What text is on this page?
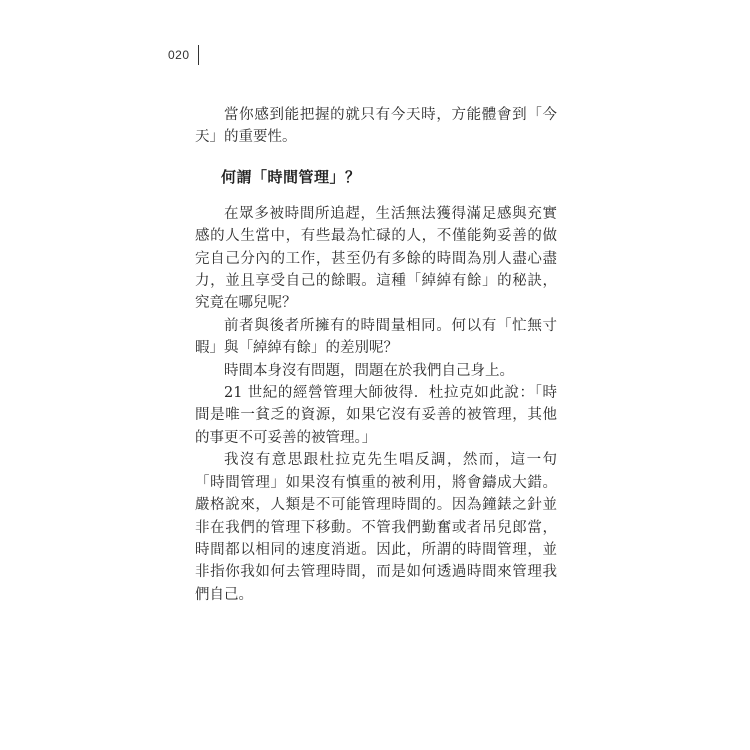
020

當你感到能把握的就只有今天時，方能體會到「今天」的重要性。

何謂「時間管理」？

在眾多被時間所追趕，生活無法獲得滿足感與充實感的人生當中，有些最為忙碌的人，不僅能夠妥善的做完自己分內的工作，甚至仍有多餘的時間為別人盡心盡力，並且享受自己的餘暇。這種「綽綽有餘」的秘訣，究竟在哪兒呢？

前者與後者所擁有的時間量相同。何以有「忙無寸暇」與「綽綽有餘」的差別呢？

時間本身沒有問題，問題在於我們自己身上。

21 世紀的經營管理大師彼得．杜拉克如此說：「時間是唯一貧乏的資源，如果它沒有妥善的被管理，其他的事更不可妥善的被管理。」

我沒有意思跟杜拉克先生唱反調，然而，這一句「時間管理」如果沒有慎重的被利用，將會鑄成大錯。嚴格說來，人類是不可能管理時間的。因為鐘錶之針並非在我們的管理下移動。不管我們勤奮或者吊兒郎當，時間都以相同的速度消逝。因此，所謂的時間管理，並非指你我如何去管理時間，而是如何透過時間來管理我們自己。
